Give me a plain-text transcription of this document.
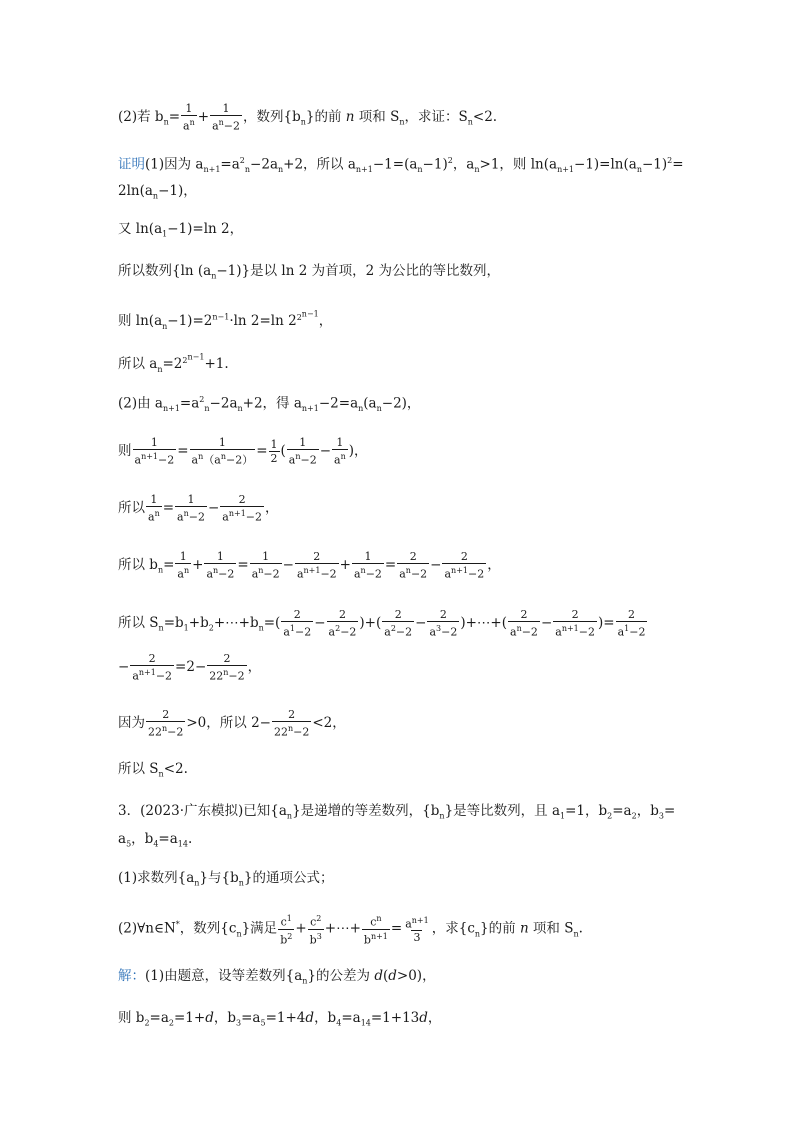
(2)若 $b_n= \frac{1}{a^n} + \frac{1}{a^n-2}$ ，数列$\{b_n\}$的前 n 项和 $S_n$，求证：$S_n<2$.
证明(1)因为 $a_{n+1}=a^2_n-2a_n+2$，所以 $a_{n+1}-1=(a_n-1)^2$，$a_n>1$，则 $\ln(a_{n+1}-1)=\ln(a_n-1)^2=$
$2\ln(a_n-1)$，
又 $\ln(a_1-1)=\ln$ 2，
所以数列{ln $(a_n-1)$}是以 ln 2 为首项，2 为公比的等比数列，
则 $\ln(a_n-1)=2^{n-1}\cdot\ln$ 2=ln $2^{2^{n-1}}$，
所以 $a_n=2^{2^{n-1}}+1$.
(2)由 $a_{n+1}=a^2_n-2a_n+2$，得 $a_{n+1}-2=a_n(a_n-2)$，
则 $\frac{1}{a^{n+1}-2} = \frac{1}{a^n(a^n-2)} = \frac{1}{2}$ ( $\frac{1}{a^n-2} - \frac{1}{a^n}$ )，
所以 $\frac{1}{a^n} = \frac{1}{a^n-2} - \frac{2}{a^{n+1}-2}$ ，
所以 $b_n= \frac{1}{a^n} + \frac{1}{a^n-2} = \frac{1}{a^n-2} - \frac{2}{a^{n+1}-2} + \frac{1}{a^n-2} = \frac{2}{a^n-2} - \frac{2}{a^{n+1}-2}$ ，
所以 $S_n=b_1+b_2+\cdots+b_n=( \frac{2}{a^1-2} - \frac{2}{a^2-2}$ )+( $\frac{2}{a^2-2} - \frac{2}{a^3-2}$ )+⋯+( $\frac{2}{a^n-2} - \frac{2}{a^{n+1}-2}$ )= $\frac{2}{a^1-2}$
− $\frac{2}{a^{n+1}-2} =2- \frac{2}{22^n-2}$ ，
因为 $\frac{2}{22^n-2} >0$，所以 $2- \frac{2}{22^n-2} <2$，
所以 $S_n<2$.
3．(2023·广东模拟)已知$\{a_n\}$是递增的等差数列，$\{b_n\}$是等比数列，且 $a_1=1$，$b_2=a_2$，$b_3=$
$a_5$，$b_4=a_{14}$.
(1)求数列$\{a_n\}$与$\{b_n\}$的通项公式；
(2)∀n∈N*，数列$\{c_n\}$满足 $\frac{c^1}{b^2} + \frac{c^2}{b^3}$ +⋯+ $\frac{c^n}{b^{n+1}} = \frac{a^{n+1}}{3}$ ，求$\{c_n\}$的前 n 项和 $S_n$.
解：(1)由题意，设等差数列$\{a_n\}$的公差为 d(d>0)，
则 $b_2=a_2=1+d$，$b_3=a_5=1+4d$，$b_4=a_{14}=1+13d$，
